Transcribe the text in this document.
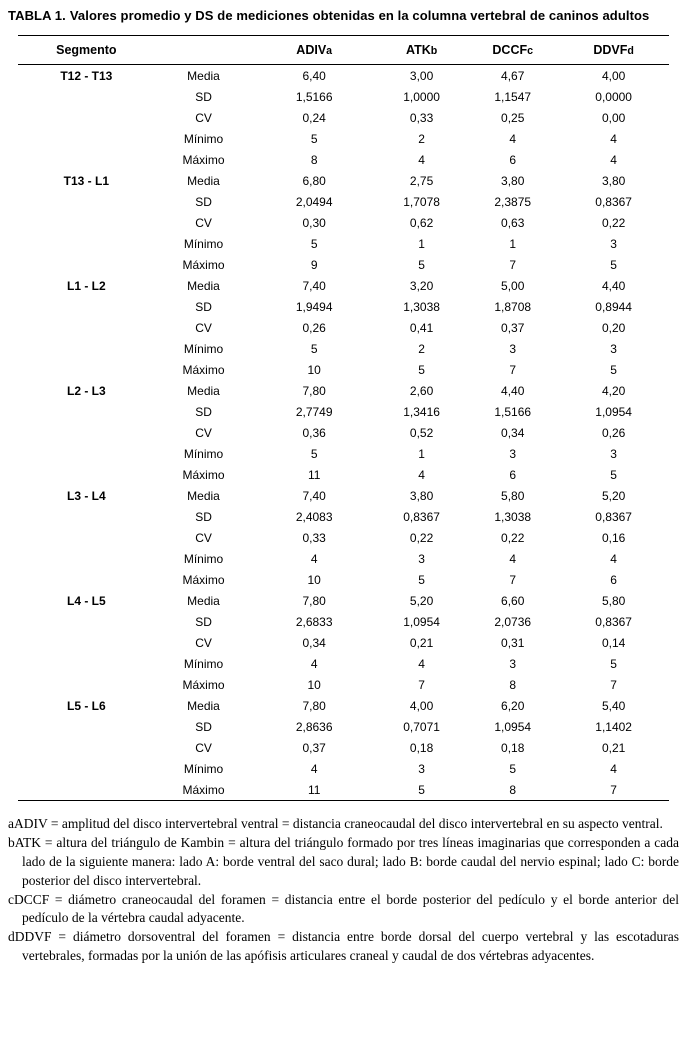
TABLA 1. Valores promedio y DS de mediciones obtenidas en la columna vertebral de caninos adultos

Segmento		ADIVa	ATKb	DCCFc	DDVFd
T12 - T13	Media	6,40	3,00	4,67	4,00
	SD	1,5166	1,0000	1,1547	0,0000
	CV	0,24	0,33	0,25	0,00
	Mínimo	5	2	4	4
	Máximo	8	4	6	4
T13 - L1	Media	6,80	2,75	3,80	3,80
	SD	2,0494	1,7078	2,3875	0,8367
	CV	0,30	0,62	0,63	0,22
	Mínimo	5	1	1	3
	Máximo	9	5	7	5
L1 - L2	Media	7,40	3,20	5,00	4,40
	SD	1,9494	1,3038	1,8708	0,8944
	CV	0,26	0,41	0,37	0,20
	Mínimo	5	2	3	3
	Máximo	10	5	7	5
L2 - L3	Media	7,80	2,60	4,40	4,20
	SD	2,7749	1,3416	1,5166	1,0954
	CV	0,36	0,52	0,34	0,26
	Mínimo	5	1	3	3
	Máximo	11	4	6	5
L3 - L4	Media	7,40	3,80	5,80	5,20
	SD	2,4083	0,8367	1,3038	0,8367
	CV	0,33	0,22	0,22	0,16
	Mínimo	4	3	4	4
	Máximo	10	5	7	6
L4 - L5	Media	7,80	5,20	6,60	5,80
	SD	2,6833	1,0954	2,0736	0,8367
	CV	0,34	0,21	0,31	0,14
	Mínimo	4	4	3	5
	Máximo	10	7	8	7
L5 - L6	Media	7,80	4,00	6,20	5,40
	SD	2,8636	0,7071	1,0954	1,1402
	CV	0,37	0,18	0,18	0,21
	Mínimo	4	3	5	4
	Máximo	11	5	8	7

aADIV = amplitud del disco intervertebral ventral = distancia craneocaudal del disco intervertebral en su aspecto ventral.

bATK = altura del triángulo de Kambin = altura del triángulo formado por tres líneas imaginarias que corresponden a cada lado de la siguiente manera: lado A: borde ventral del saco dural; lado B: borde caudal del nervio espinal; lado C: borde posterior del disco intervertebral.

cDCCF = diámetro craneocaudal del foramen = distancia entre el borde posterior del pedículo y el borde anterior del pedículo de la vértebra caudal adyacente.

dDDVF = diámetro dorsoventral del foramen = distancia entre borde dorsal del cuerpo vertebral y las escotaduras vertebrales, formadas por la unión de las apófisis articulares craneal y caudal de dos vértebras adyacentes.
